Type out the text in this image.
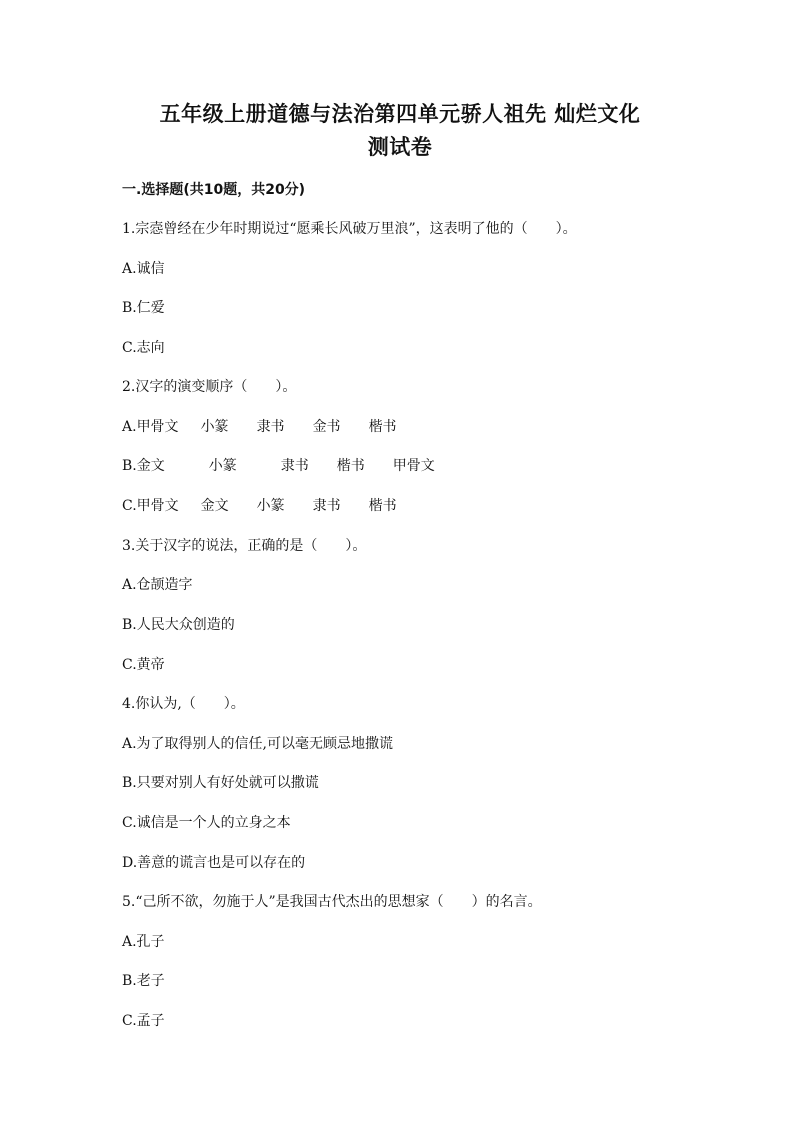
五年级上册道德与法治第四单元骄人祖先 灿烂文化
测试卷
一.选择题(共10题，共20分)
1.宗悫曾经在少年时期说过“愿乘长风破万里浪”，这表明了他的（　　）。
A.诚信
B.仁爱
C.志向
2.汉字的演变顺序（　　）。
A.甲骨文 小篆 隶书 金书 楷书
B.金文	小篆	隶书 楷书 甲骨文
C.甲骨文 金文 小篆 隶书 楷书
3.关于汉字的说法，正确的是（　　）。
A.仓颉造字
B.人民大众创造的
C.黄帝
4.你认为,（　　）。
A.为了取得别人的信任,可以毫无顾忌地撒谎
B.只要对别人有好处就可以撒谎
C.诚信是一个人的立身之本
D.善意的谎言也是可以存在的
5.“己所不欲，勿施于人”是我国古代杰出的思想家（　　）的名言。
A.孔子
B.老子
C.孟子
